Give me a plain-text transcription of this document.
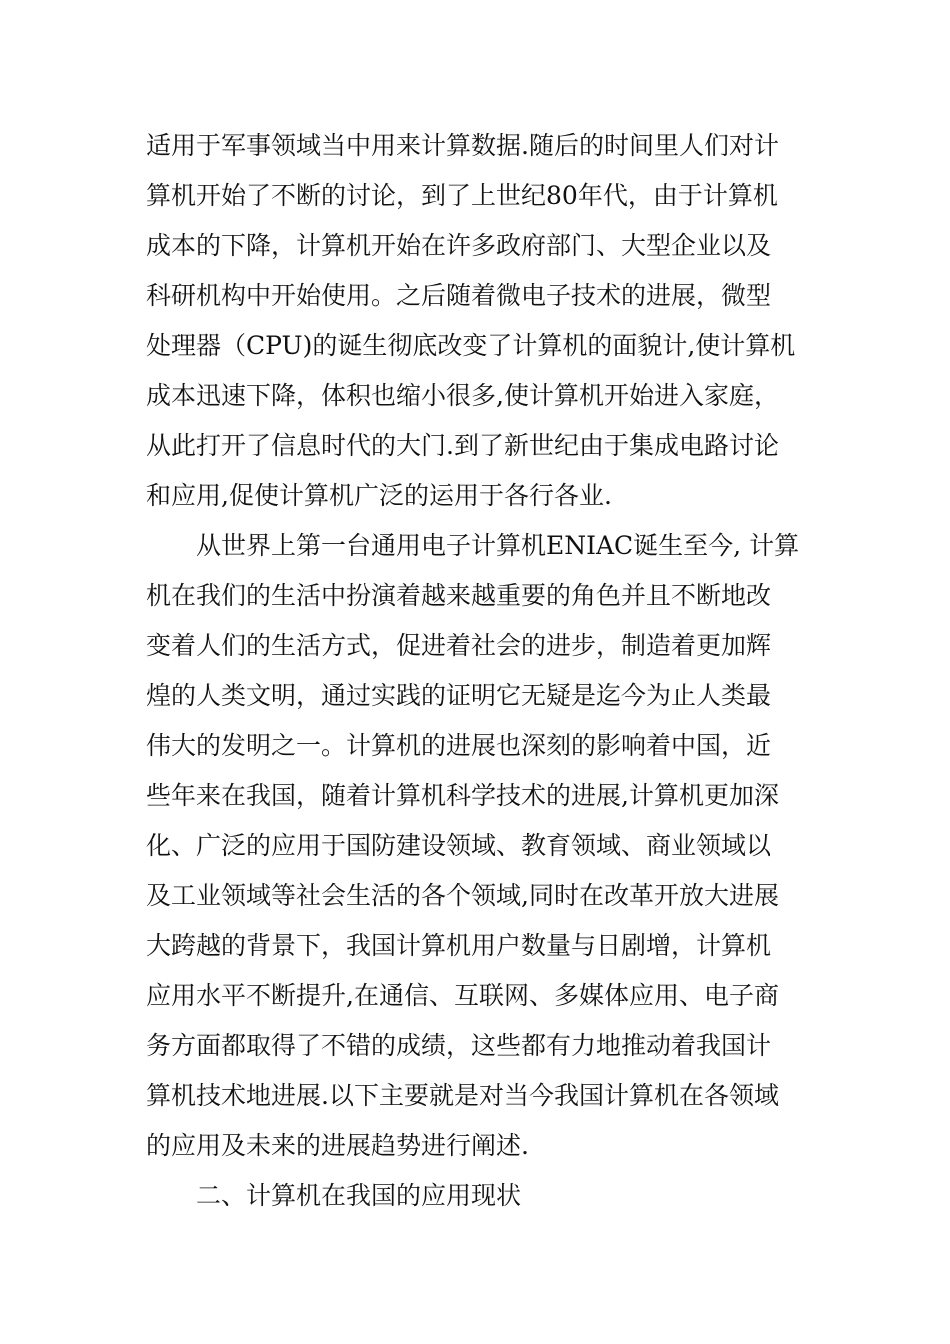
适用于军事领域当中用来计算数据.随后的时间里人们对计
算机开始了不断的讨论，到了上世纪80年代，由于计算机
成本的下降，计算机开始在许多政府部门、大型企业以及
科研机构中开始使用。之后随着微电子技术的进展，微型
处理器（CPU)的诞生彻底改变了计算机的面貌计,使计算机
成本迅速下降，体积也缩小很多,使计算机开始进入家庭，
从此打开了信息时代的大门.到了新世纪由于集成电路讨论
和应用,促使计算机广泛的运用于各行各业.
从世界上第一台通用电子计算机ENIAC诞生至今, 计算
机在我们的生活中扮演着越来越重要的角色并且不断地改
变着人们的生活方式，促进着社会的进步，制造着更加辉
煌的人类文明，通过实践的证明它无疑是迄今为止人类最
伟大的发明之一。计算机的进展也深刻的影响着中国，近
些年来在我国，随着计算机科学技术的进展,计算机更加深
化、广泛的应用于国防建设领域、教育领域、商业领域以
及工业领域等社会生活的各个领域,同时在改革开放大进展
大跨越的背景下，我国计算机用户数量与日剧增，计算机
应用水平不断提升,在通信、互联网、多媒体应用、电子商
务方面都取得了不错的成绩，这些都有力地推动着我国计
算机技术地进展.以下主要就是对当今我国计算机在各领域
的应用及未来的进展趋势进行阐述.
二、计算机在我国的应用现状
